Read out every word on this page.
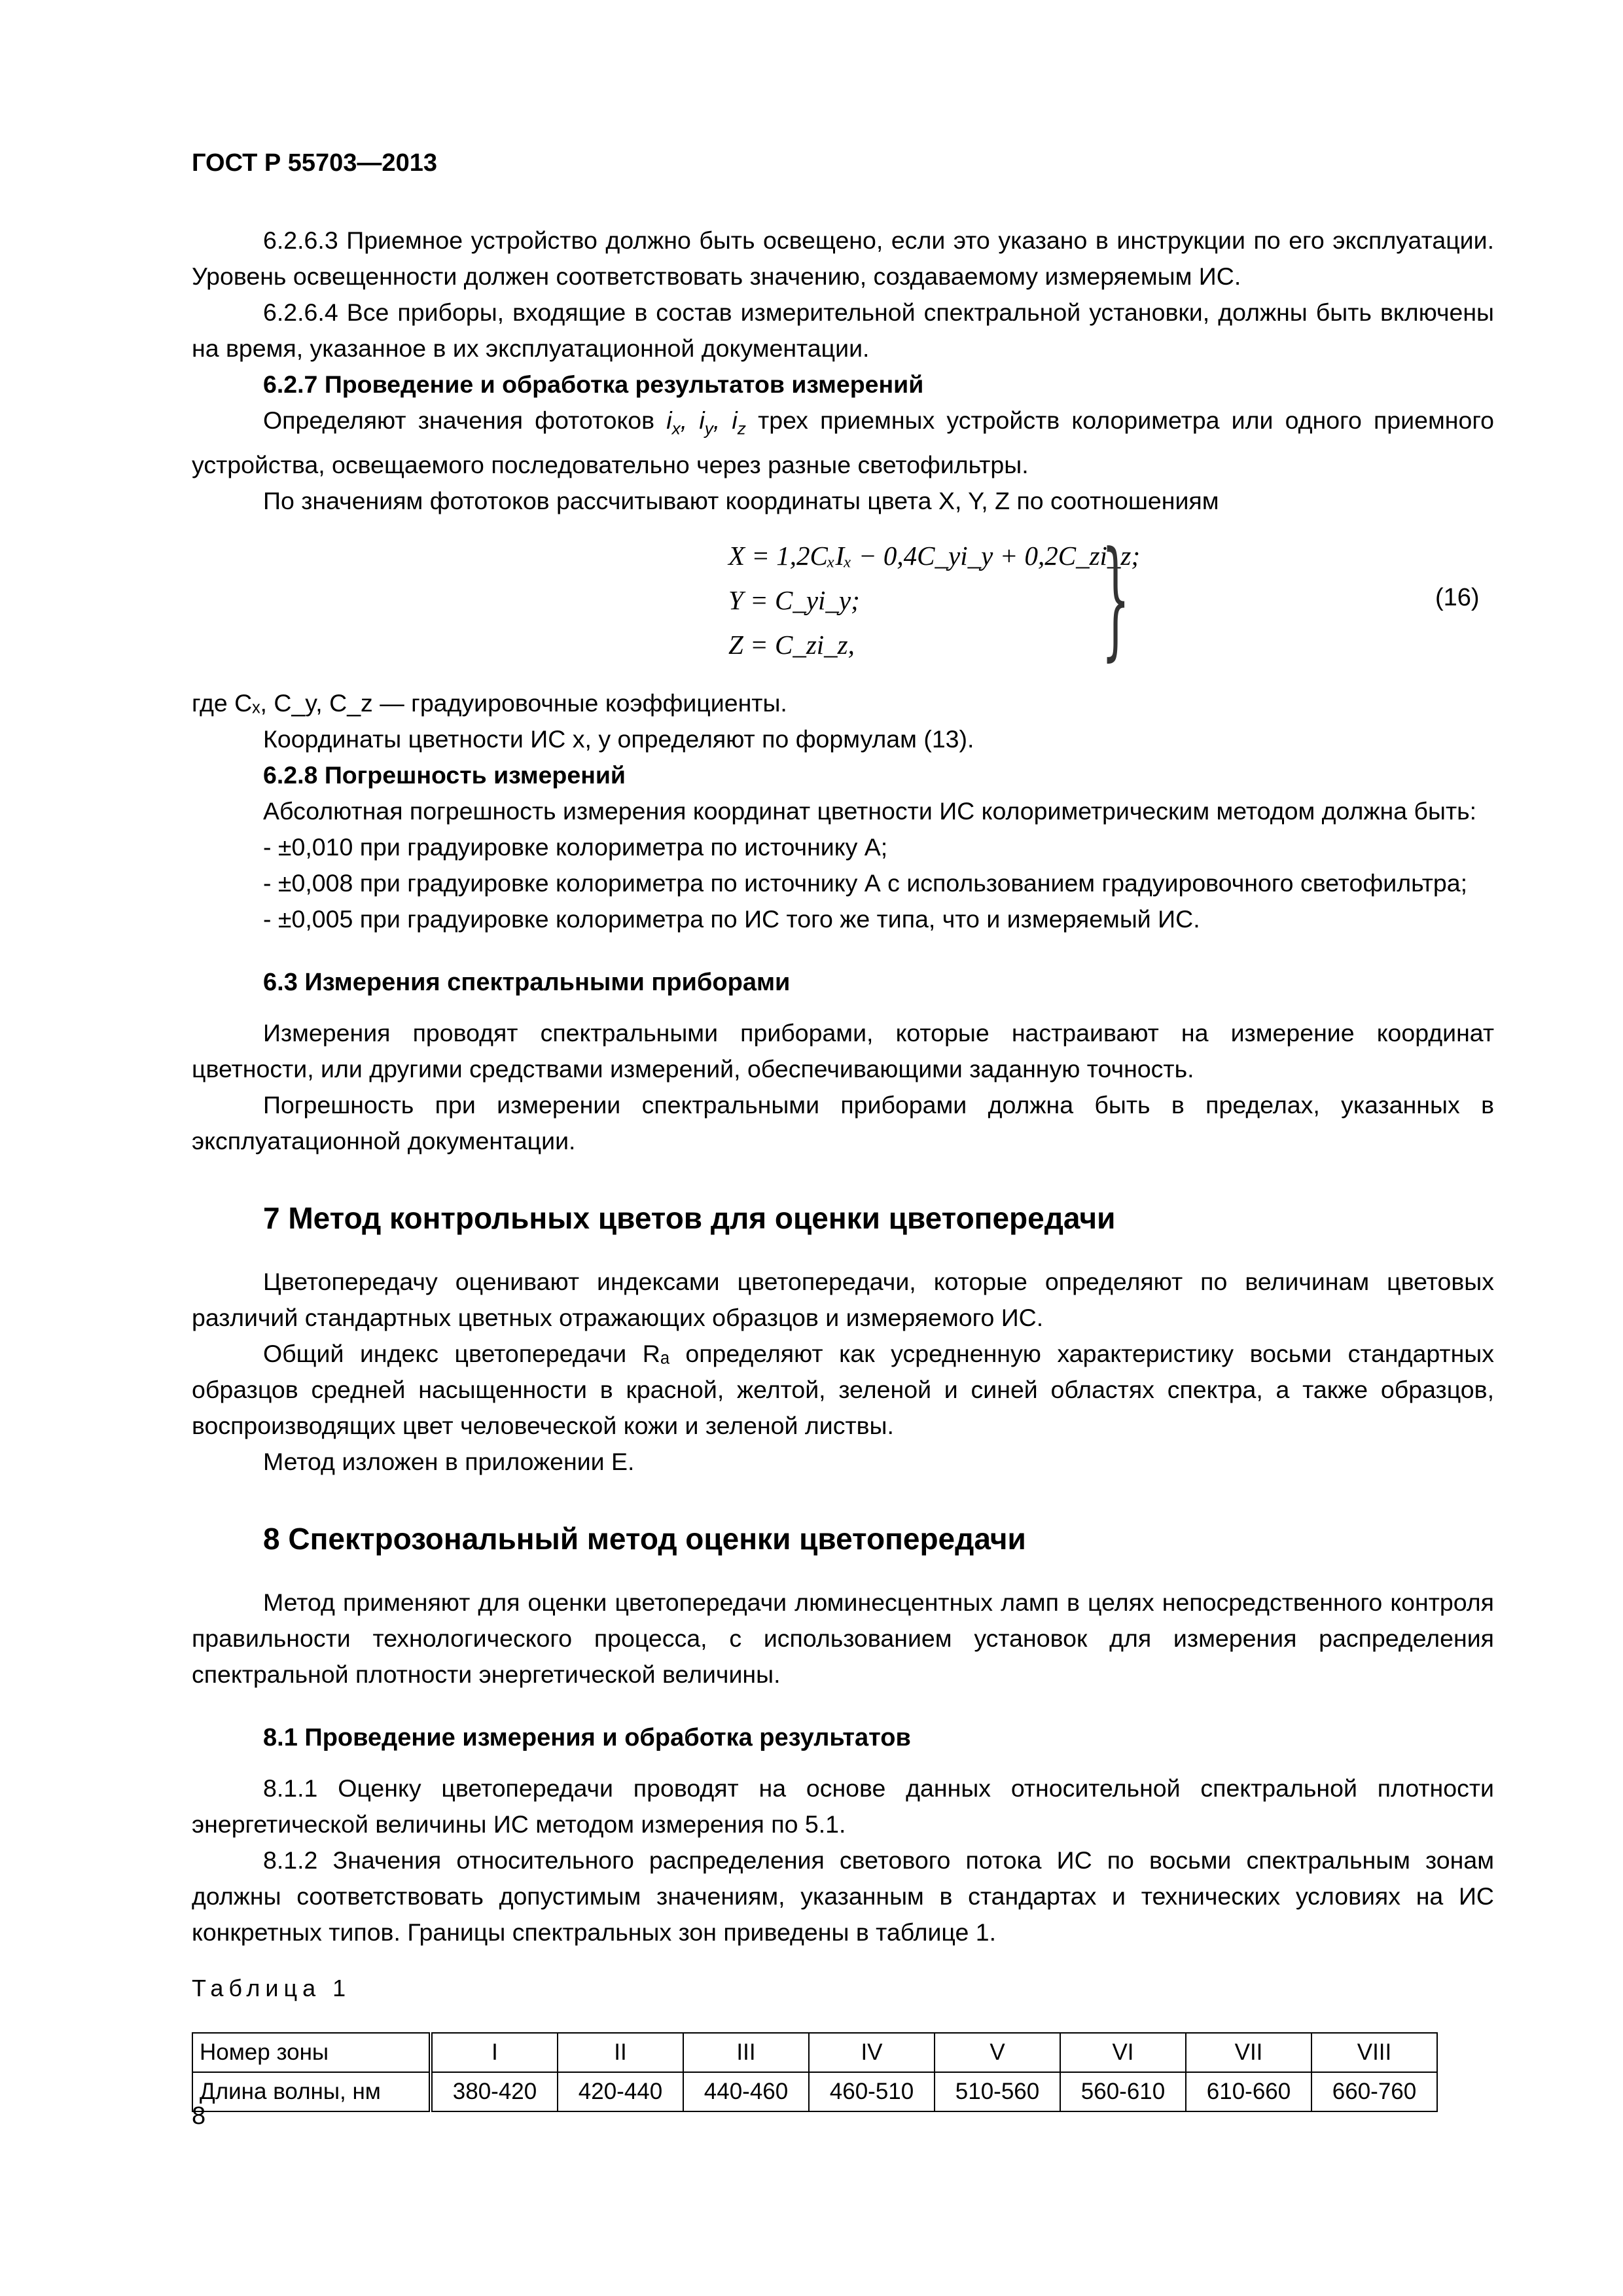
ГОСТ Р 55703—2013

6.2.6.3 Приемное устройство должно быть освещено, если это указано в инструкции по его эксплуатации. Уровень освещенности должен соответствовать значению, создаваемому измеряемым ИС.

6.2.6.4 Все приборы, входящие в состав измерительной спектральной установки, должны быть включены на время, указанное в их эксплуатационной документации.

6.2.7 Проведение и обработка результатов измерений

Определяют значения фототоков $i_x$, $i_y$, $i_z$ трех приемных устройств колориметра или одного приемного устройства, освещаемого последовательно через разные светофильтры.

По значениям фототоков рассчитывают координаты цвета X, Y, Z по соотношениям

X = 1,2CₓIₓ − 0,4C_yi_y + 0,2C_zi_z;
Y = C_yi_y;
Z = C_zi_z,	}	(16)

где Cₓ, C_y, C_z — градуировочные коэффициенты.

Координаты цветности ИС x, y определяют по формулам (13).

6.2.8 Погрешность измерений

Абсолютная погрешность измерения координат цветности ИС колориметрическим методом должна быть:

- ±0,010 при градуировке колориметра по источнику А;

- ±0,008 при градуировке колориметра по источнику А с использованием градуировочного светофильтра;

- ±0,005 при градуировке колориметра по ИС того же типа, что и измеряемый ИС.

6.3 Измерения спектральными приборами

Измерения проводят спектральными приборами, которые настраивают на измерение координат цветности, или другими средствами измерений, обеспечивающими заданную точность.

Погрешность при измерении спектральными приборами должна быть в пределах, указанных в эксплуатационной документации.

7 Метод контрольных цветов для оценки цветопередачи

Цветопередачу оценивают индексами цветопередачи, которые определяют по величинам цветовых различий стандартных цветных отражающих образцов и измеряемого ИС.

Общий индекс цветопередачи Rₐ определяют как усредненную характеристику восьми стандартных образцов средней насыщенности в красной, желтой, зеленой и синей областях спектра, а также образцов, воспроизводящих цвет человеческой кожи и зеленой листвы.

Метод изложен в приложении Е.

8 Спектрозональный метод оценки цветопередачи

Метод применяют для оценки цветопередачи люминесцентных ламп в целях непосредственного контроля правильности технологического процесса, с использованием установок для измерения распределения спектральной плотности энергетической величины.

8.1 Проведение измерения и обработка результатов

8.1.1 Оценку цветопередачи проводят на основе данных относительной спектральной плотности энергетической величины ИС методом измерения по 5.1.

8.1.2 Значения относительного распределения светового потока ИС по восьми спектральным зонам должны соответствовать допустимым значениям, указанным в стандартах и технических условиях на ИС конкретных типов. Границы спектральных зон приведены в таблице 1.

Таблица 1

Номер зоны	I	II	III	IV	V	VI	VII	VIII
Длина волны, нм	380-420	420-440	440-460	460-510	510-560	560-610	610-660	660-760

8
